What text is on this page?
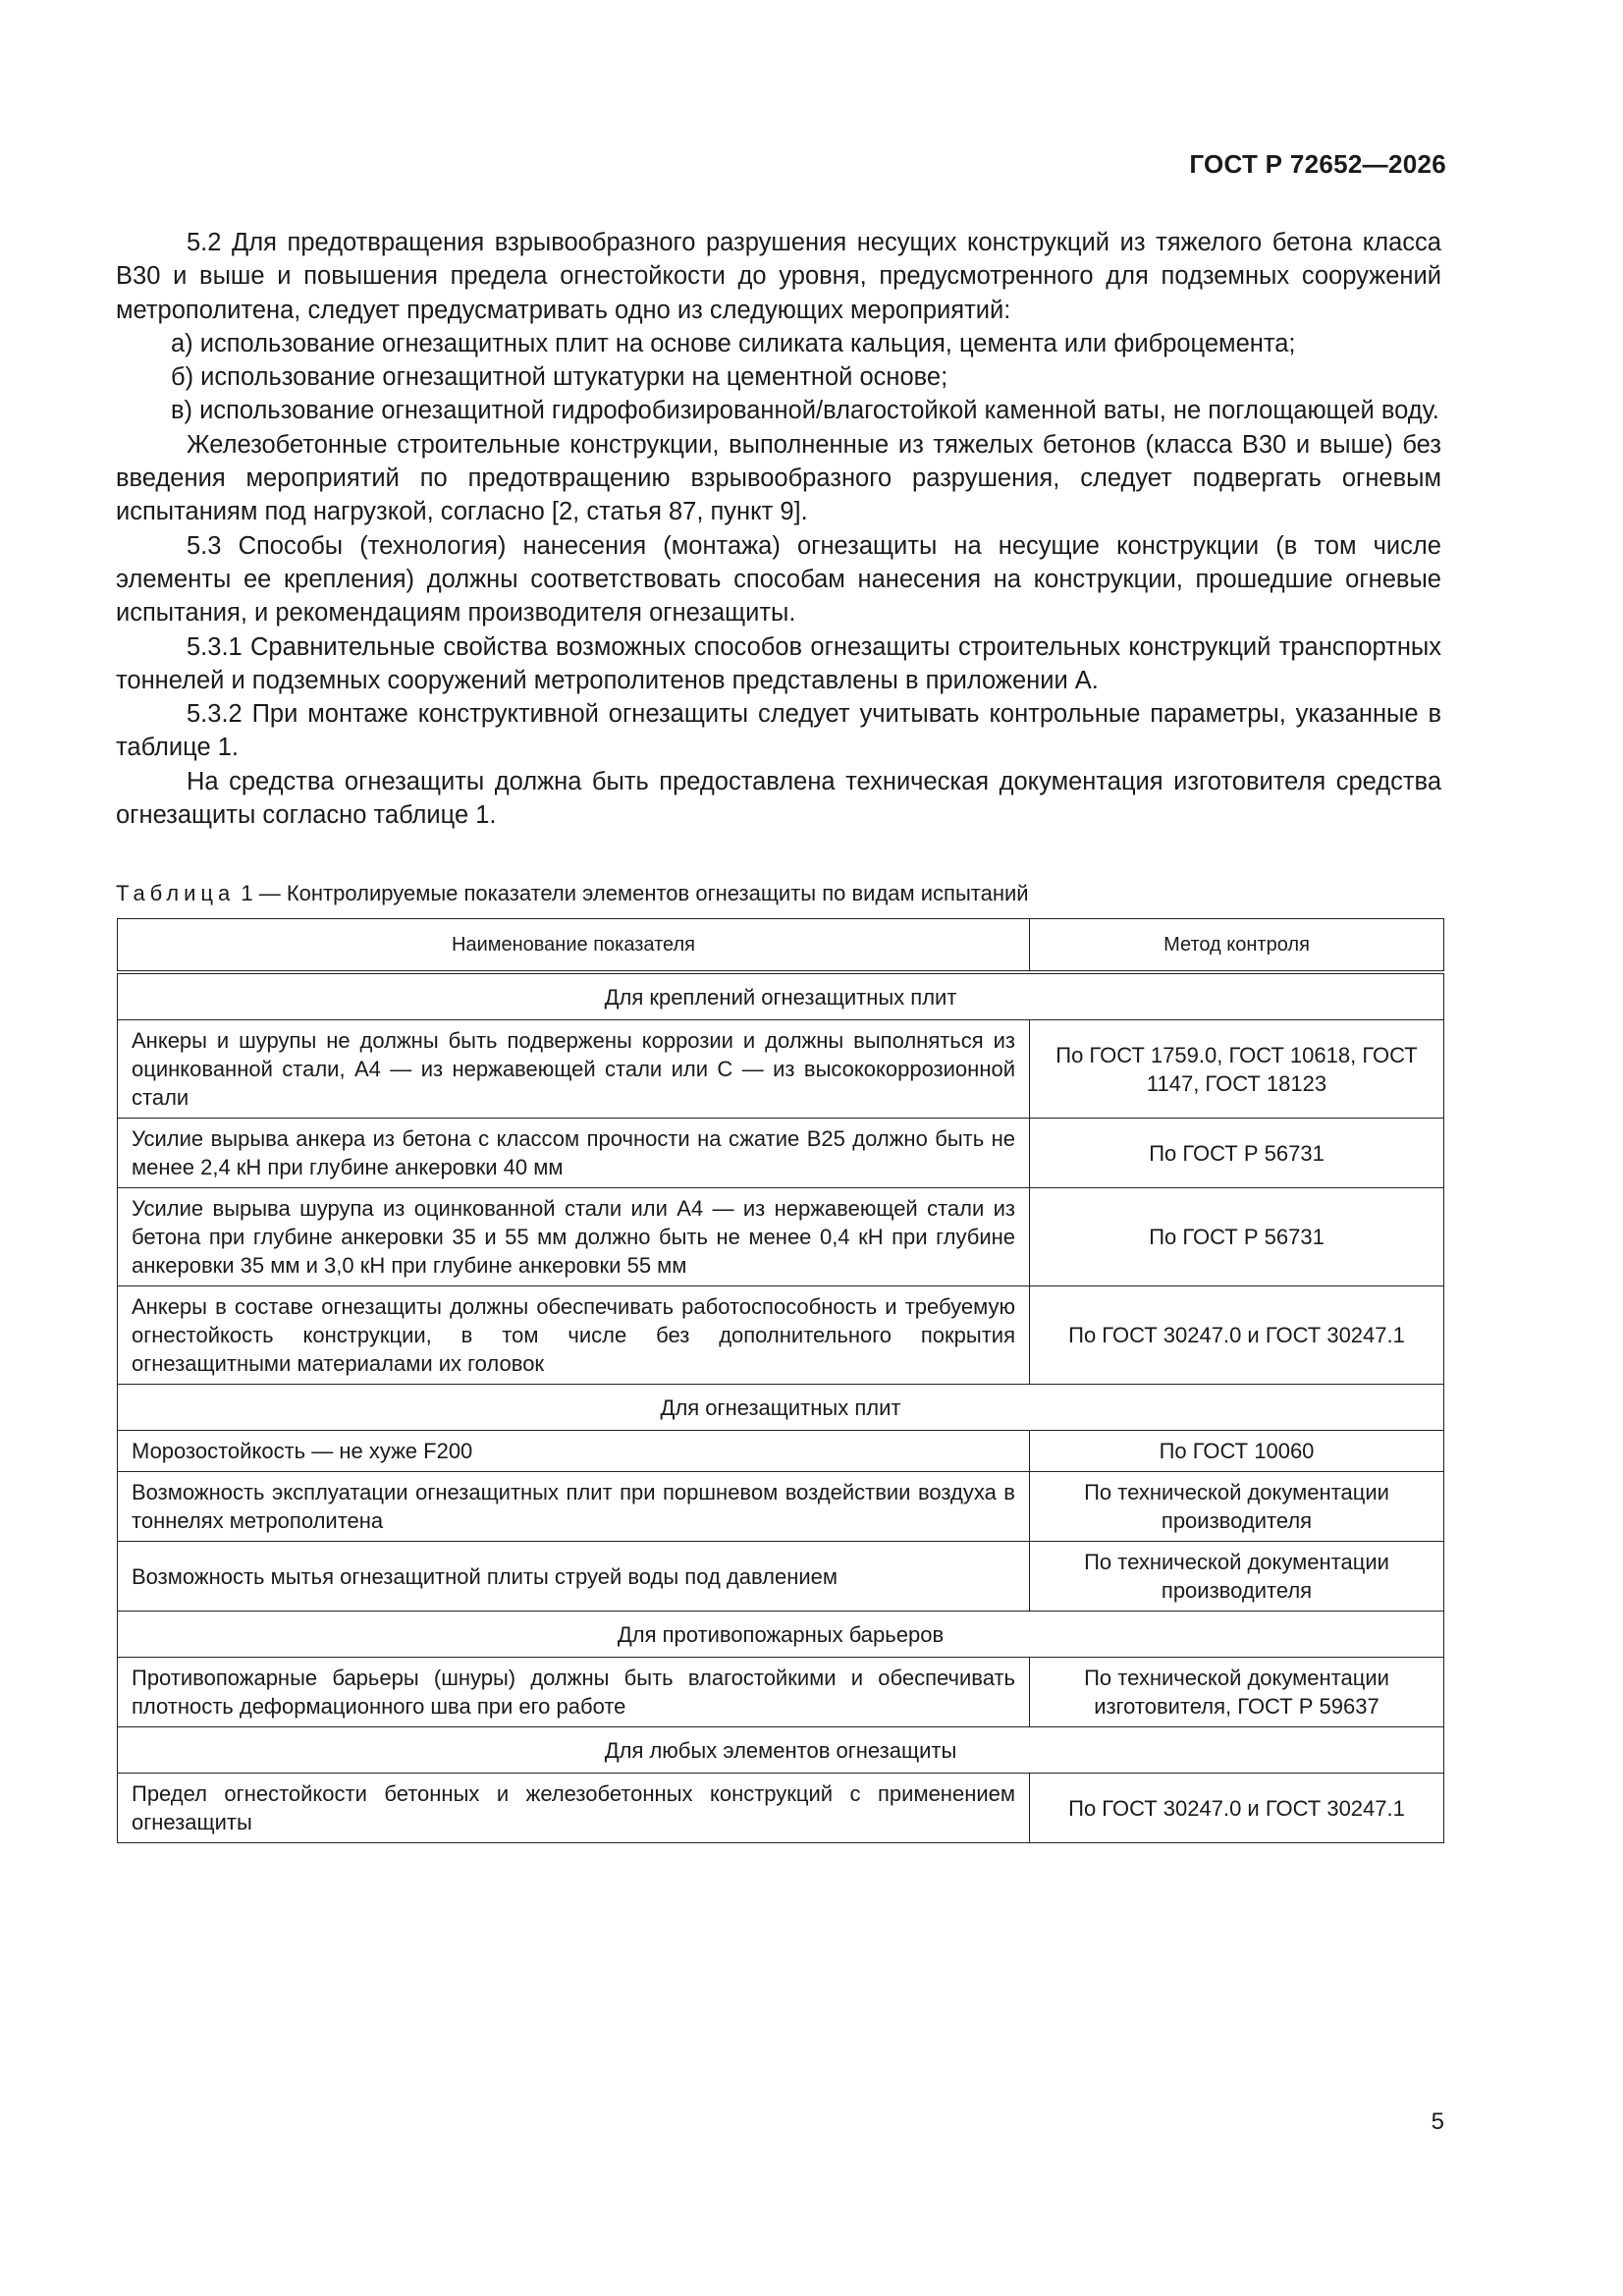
ГОСТ Р 72652—2026

5.2 Для предотвращения взрывообразного разрушения несущих конструкций из тяжелого бетона класса В30 и выше и повышения предела огнестойкости до уровня, предусмотренного для подземных сооружений метрополитена, следует предусматривать одно из следующих мероприятий:

а) использование огнезащитных плит на основе силиката кальция, цемента или фиброцемента;

б) использование огнезащитной штукатурки на цементной основе;

в) использование огнезащитной гидрофобизированной/влагостойкой каменной ваты, не поглощающей воду.

Железобетонные строительные конструкции, выполненные из тяжелых бетонов (класса В30 и выше) без введения мероприятий по предотвращению взрывообразного разрушения, следует подвергать огневым испытаниям под нагрузкой, согласно [2, статья 87, пункт 9].

5.3 Способы (технология) нанесения (монтажа) огнезащиты на несущие конструкции (в том числе элементы ее крепления) должны соответствовать способам нанесения на конструкции, прошедшие огневые испытания, и рекомендациям производителя огнезащиты.

5.3.1 Сравнительные свойства возможных способов огнезащиты строительных конструкций транспортных тоннелей и подземных сооружений метрополитенов представлены в приложении А.

5.3.2 При монтаже конструктивной огнезащиты следует учитывать контрольные параметры, указанные в таблице 1.

На средства огнезащиты должна быть предоставлена техническая документация изготовителя средства огнезащиты согласно таблице 1.

Таблица 1 — Контролируемые показатели элементов огнезащиты по видам испытаний
Наименование показателя	Метод контроля
Для креплений огнезащитных плит	
Анкеры и шурупы не должны быть подвержены коррозии и должны выполняться из оцинкованной стали, А4 — из нержавеющей стали или С — из высококоррозионной стали	По ГОСТ 1759.0, ГОСТ 10618, ГОСТ 1147, ГОСТ 18123
Усилие вырыва анкера из бетона с классом прочности на сжатие В25 должно быть не менее 2,4 кН при глубине анкеровки 40 мм	По ГОСТ Р 56731
Усилие вырыва шурупа из оцинкованной стали или А4 — из нержавеющей стали из бетона при глубине анкеровки 35 и 55 мм должно быть не менее 0,4 кН при глубине анкеровки 35 мм и 3,0 кН при глубине анкеровки 55 мм	По ГОСТ Р 56731
Анкеры в составе огнезащиты должны обеспечивать работоспособность и требуемую огнестойкость конструкции, в том числе без дополнительного покрытия огнезащитными материалами их головок	По ГОСТ 30247.0 и ГОСТ 30247.1
Для огнезащитных плит	
Морозостойкость — не хуже F200	По ГОСТ 10060
Возможность эксплуатации огнезащитных плит при поршневом воздействии воздуха в тоннелях метрополитена	По технической документации производителя
Возможность мытья огнезащитной плиты струей воды под давлением	По технической документации производителя
Для противопожарных барьеров	
Противопожарные барьеры (шнуры) должны быть влагостойкими и обеспечивать плотность деформационного шва при его работе	По технической документации изготовителя, ГОСТ Р 59637
Для любых элементов огнезащиты	
Предел огнестойкости бетонных и железобетонных конструкций с применением огнезащиты	По ГОСТ 30247.0 и ГОСТ 30247.1
5
